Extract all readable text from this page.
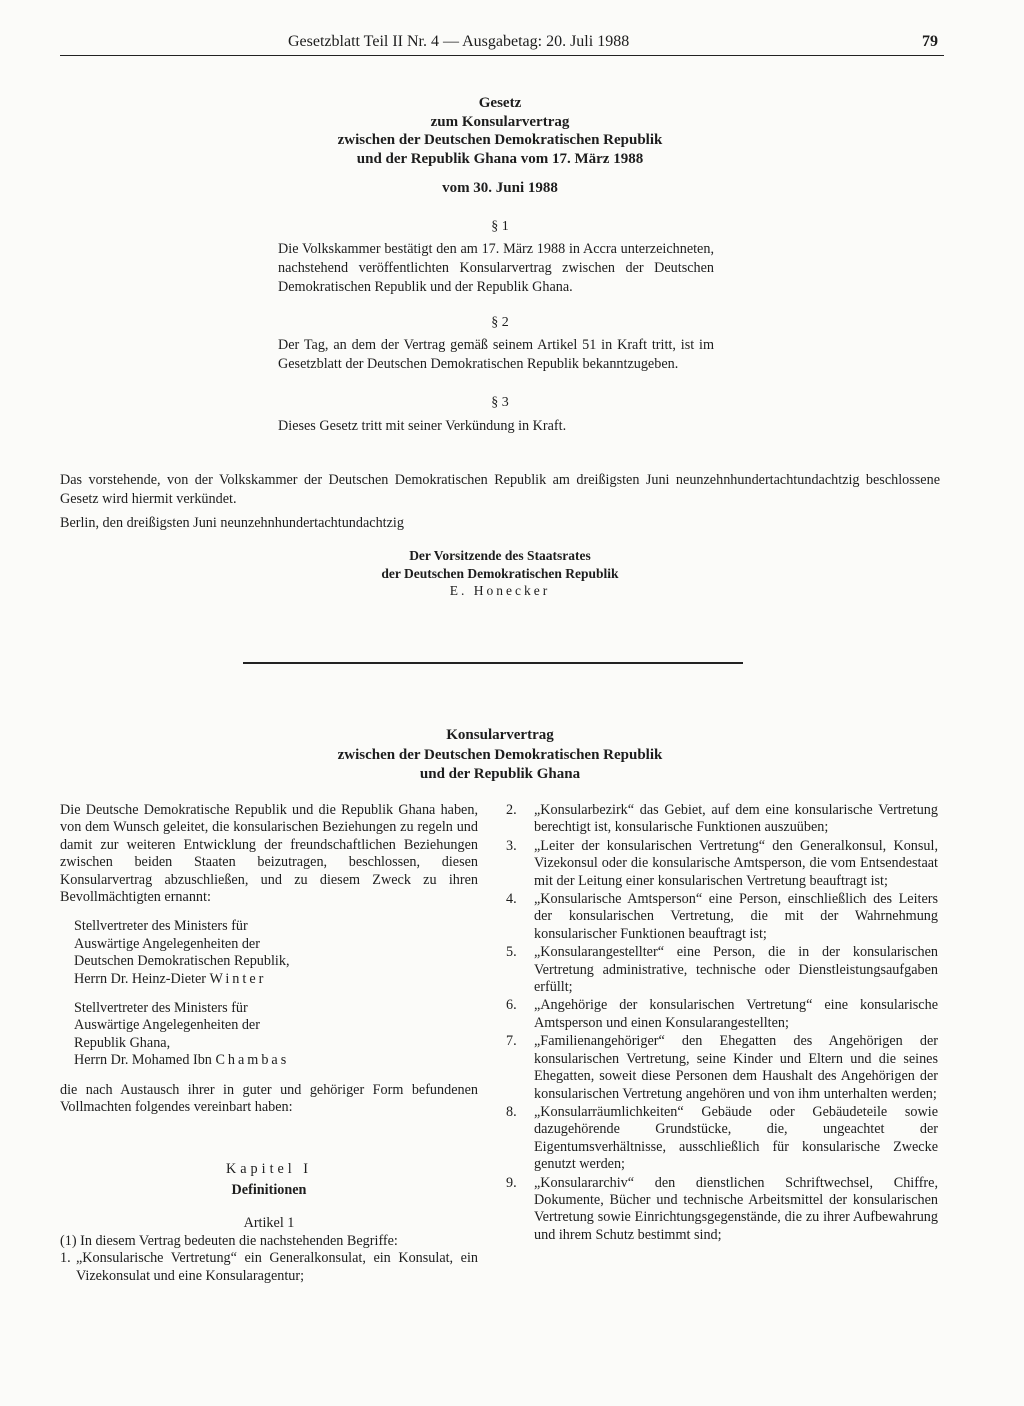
Gesetzblatt Teil II Nr. 4 — Ausgabetag: 20. Juli 1988	79
Gesetz
zum Konsularvertrag
zwischen der Deutschen Demokratischen Republik
und der Republik Ghana vom 17. März 1988
vom 30. Juni 1988
§ 1
Die Volkskammer bestätigt den am 17. März 1988 in Accra unterzeichneten, nachstehend veröffentlichten Konsularvertrag zwischen der Deutschen Demokratischen Republik und der Republik Ghana.
§ 2
Der Tag, an dem der Vertrag gemäß seinem Artikel 51 in Kraft tritt, ist im Gesetzblatt der Deutschen Demokratischen Republik bekanntzugeben.
§ 3
Dieses Gesetz tritt mit seiner Verkündung in Kraft.
Das vorstehende, von der Volkskammer der Deutschen Demokratischen Republik am dreißigsten Juni neunzehnhundertachtundachtzig beschlossene Gesetz wird hiermit verkündet.
Berlin, den dreißigsten Juni neunzehnhundertachtundachtzig
Der Vorsitzende des Staatsrates
der Deutschen Demokratischen Republik
E. Honecker
Konsularvertrag
zwischen der Deutschen Demokratischen Republik
und der Republik Ghana

Die Deutsche Demokratische Republik und die Republik Ghana haben, von dem Wunsch geleitet, die konsularischen Beziehungen zu regeln und damit zur weiteren Entwicklung der freundschaftlichen Beziehungen zwischen beiden Staaten beizutragen, beschlossen, diesen Konsularvertrag abzuschließen, und zu diesem Zweck zu ihren Bevollmächtigten ernannt:

Stellvertreter des Ministers für
Auswärtige Angelegenheiten der
Deutschen Demokratischen Republik,
Herrn Dr. Heinz-Dieter Winter
Stellvertreter des Ministers für
Auswärtige Angelegenheiten der
Republik Ghana,
Herrn Dr. Mohamed Ibn Chambas

die nach Austausch ihrer in guter und gehöriger Form befundenen Vollmachten folgendes vereinbart haben:

Kapitel I
Definitionen
Artikel 1

(1) In diesem Vertrag bedeuten die nachstehenden Begriffe:

1. „Konsularische Vertretung“ ein Generalkonsulat, ein Konsulat, ein Vizekonsulat und eine Konsularagentur;
2.	„Konsularbezirk“ das Gebiet, auf dem eine konsularische Vertretung berechtigt ist, konsularische Funktionen auszuüben;
3.	„Leiter der konsularischen Vertretung“ den Generalkonsul, Konsul, Vizekonsul oder die konsularische Amtsperson, die vom Entsendestaat mit der Leitung einer konsularischen Vertretung beauftragt ist;
4.	„Konsularische Amtsperson“ eine Person, einschließlich des Leiters der konsularischen Vertretung, die mit der Wahrnehmung konsularischer Funktionen beauftragt ist;
5.	„Konsularangestellter“ eine Person, die in der konsularischen Vertretung administrative, technische oder Dienstleistungsaufgaben erfüllt;
6.	„Angehörige der konsularischen Vertretung“ eine konsularische Amtsperson und einen Konsularangestellten;
7.	„Familienangehöriger“ den Ehegatten des Angehörigen der konsularischen Vertretung, seine Kinder und Eltern und die seines Ehegatten, soweit diese Personen dem Haushalt des Angehörigen der konsularischen Vertretung angehören und von ihm unterhalten werden;
8.	„Konsularräumlichkeiten“ Gebäude oder Gebäudeteile sowie dazugehörende Grundstücke, die, ungeachtet der Eigentumsverhältnisse, ausschließlich für konsularische Zwecke genutzt werden;
9.	„Konsulararchiv“ den dienstlichen Schriftwechsel, Chiffre, Dokumente, Bücher und technische Arbeitsmittel der konsularischen Vertretung sowie Einrichtungsgegenstände, die zu ihrer Aufbewahrung und ihrem Schutz bestimmt sind;
